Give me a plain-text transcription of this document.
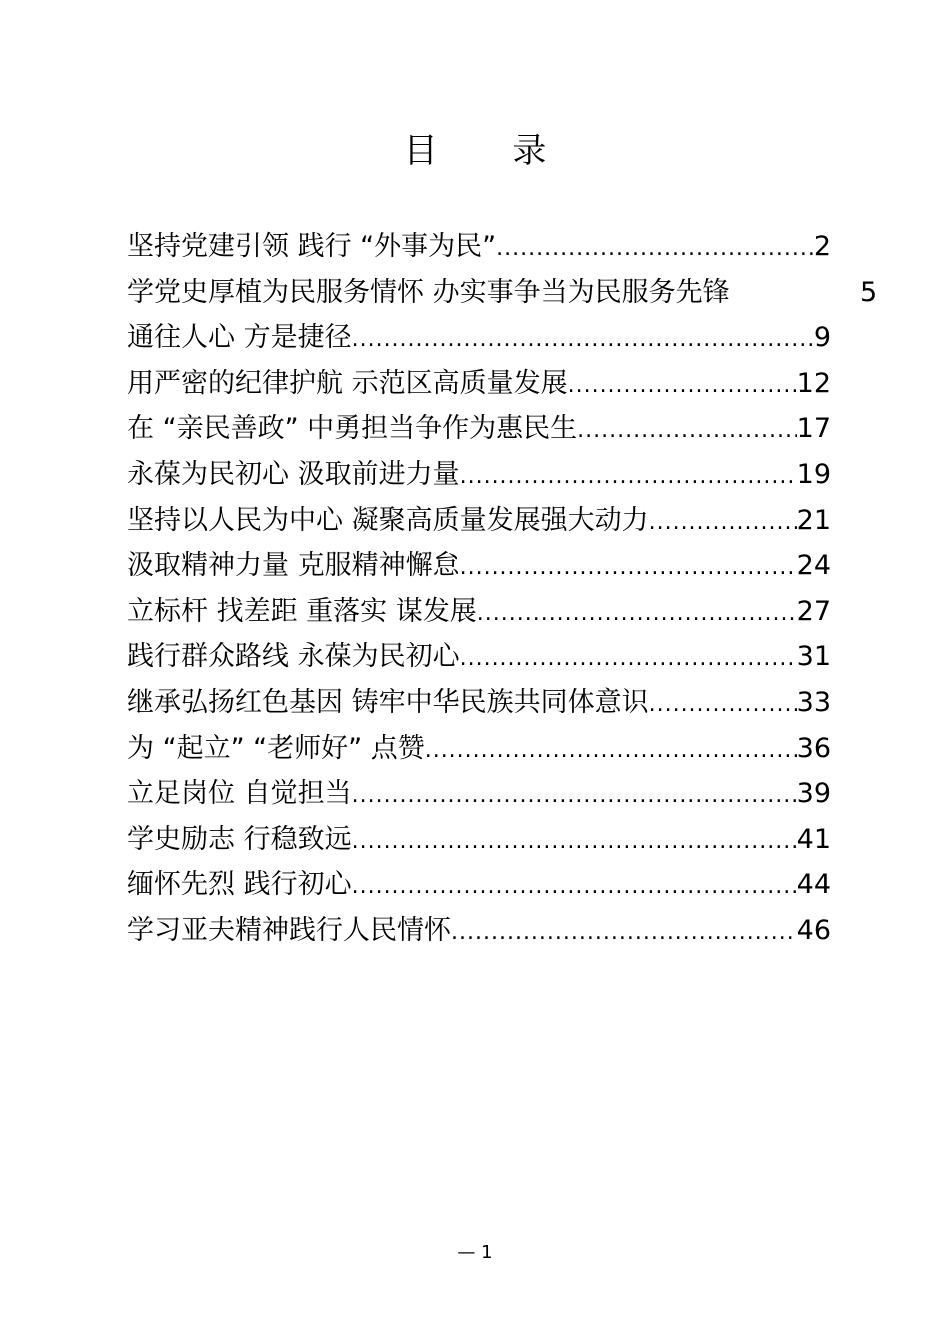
目 录
坚持党建引领 践行 “外事为民” .....	2
学党史厚植为民服务情怀 办实事争当为民服务先锋	5
通往人心 方是捷径 .....	9
用严密的纪律护航 示范区高质量发展 .....	12
在 “亲民善政” 中勇担当争作为惠民生 .....	17
永葆为民初心 汲取前进力量 .....	19
坚持以人民为中心 凝聚高质量发展强大动力 .....	21
汲取精神力量 克服精神懈怠 .....	24
立标杆 找差距 重落实 谋发展 .....	27
践行群众路线 永葆为民初心 .....	31
继承弘扬红色基因 铸牢中华民族共同体意识 .....	33
为 “起立” “老师好” 点赞 .....	36
立足岗位 自觉担当 .....	39
学史励志 行稳致远 .....	41
缅怀先烈 践行初心 .....	44
学习亚夫精神践行人民情怀 .....	46
— 1
